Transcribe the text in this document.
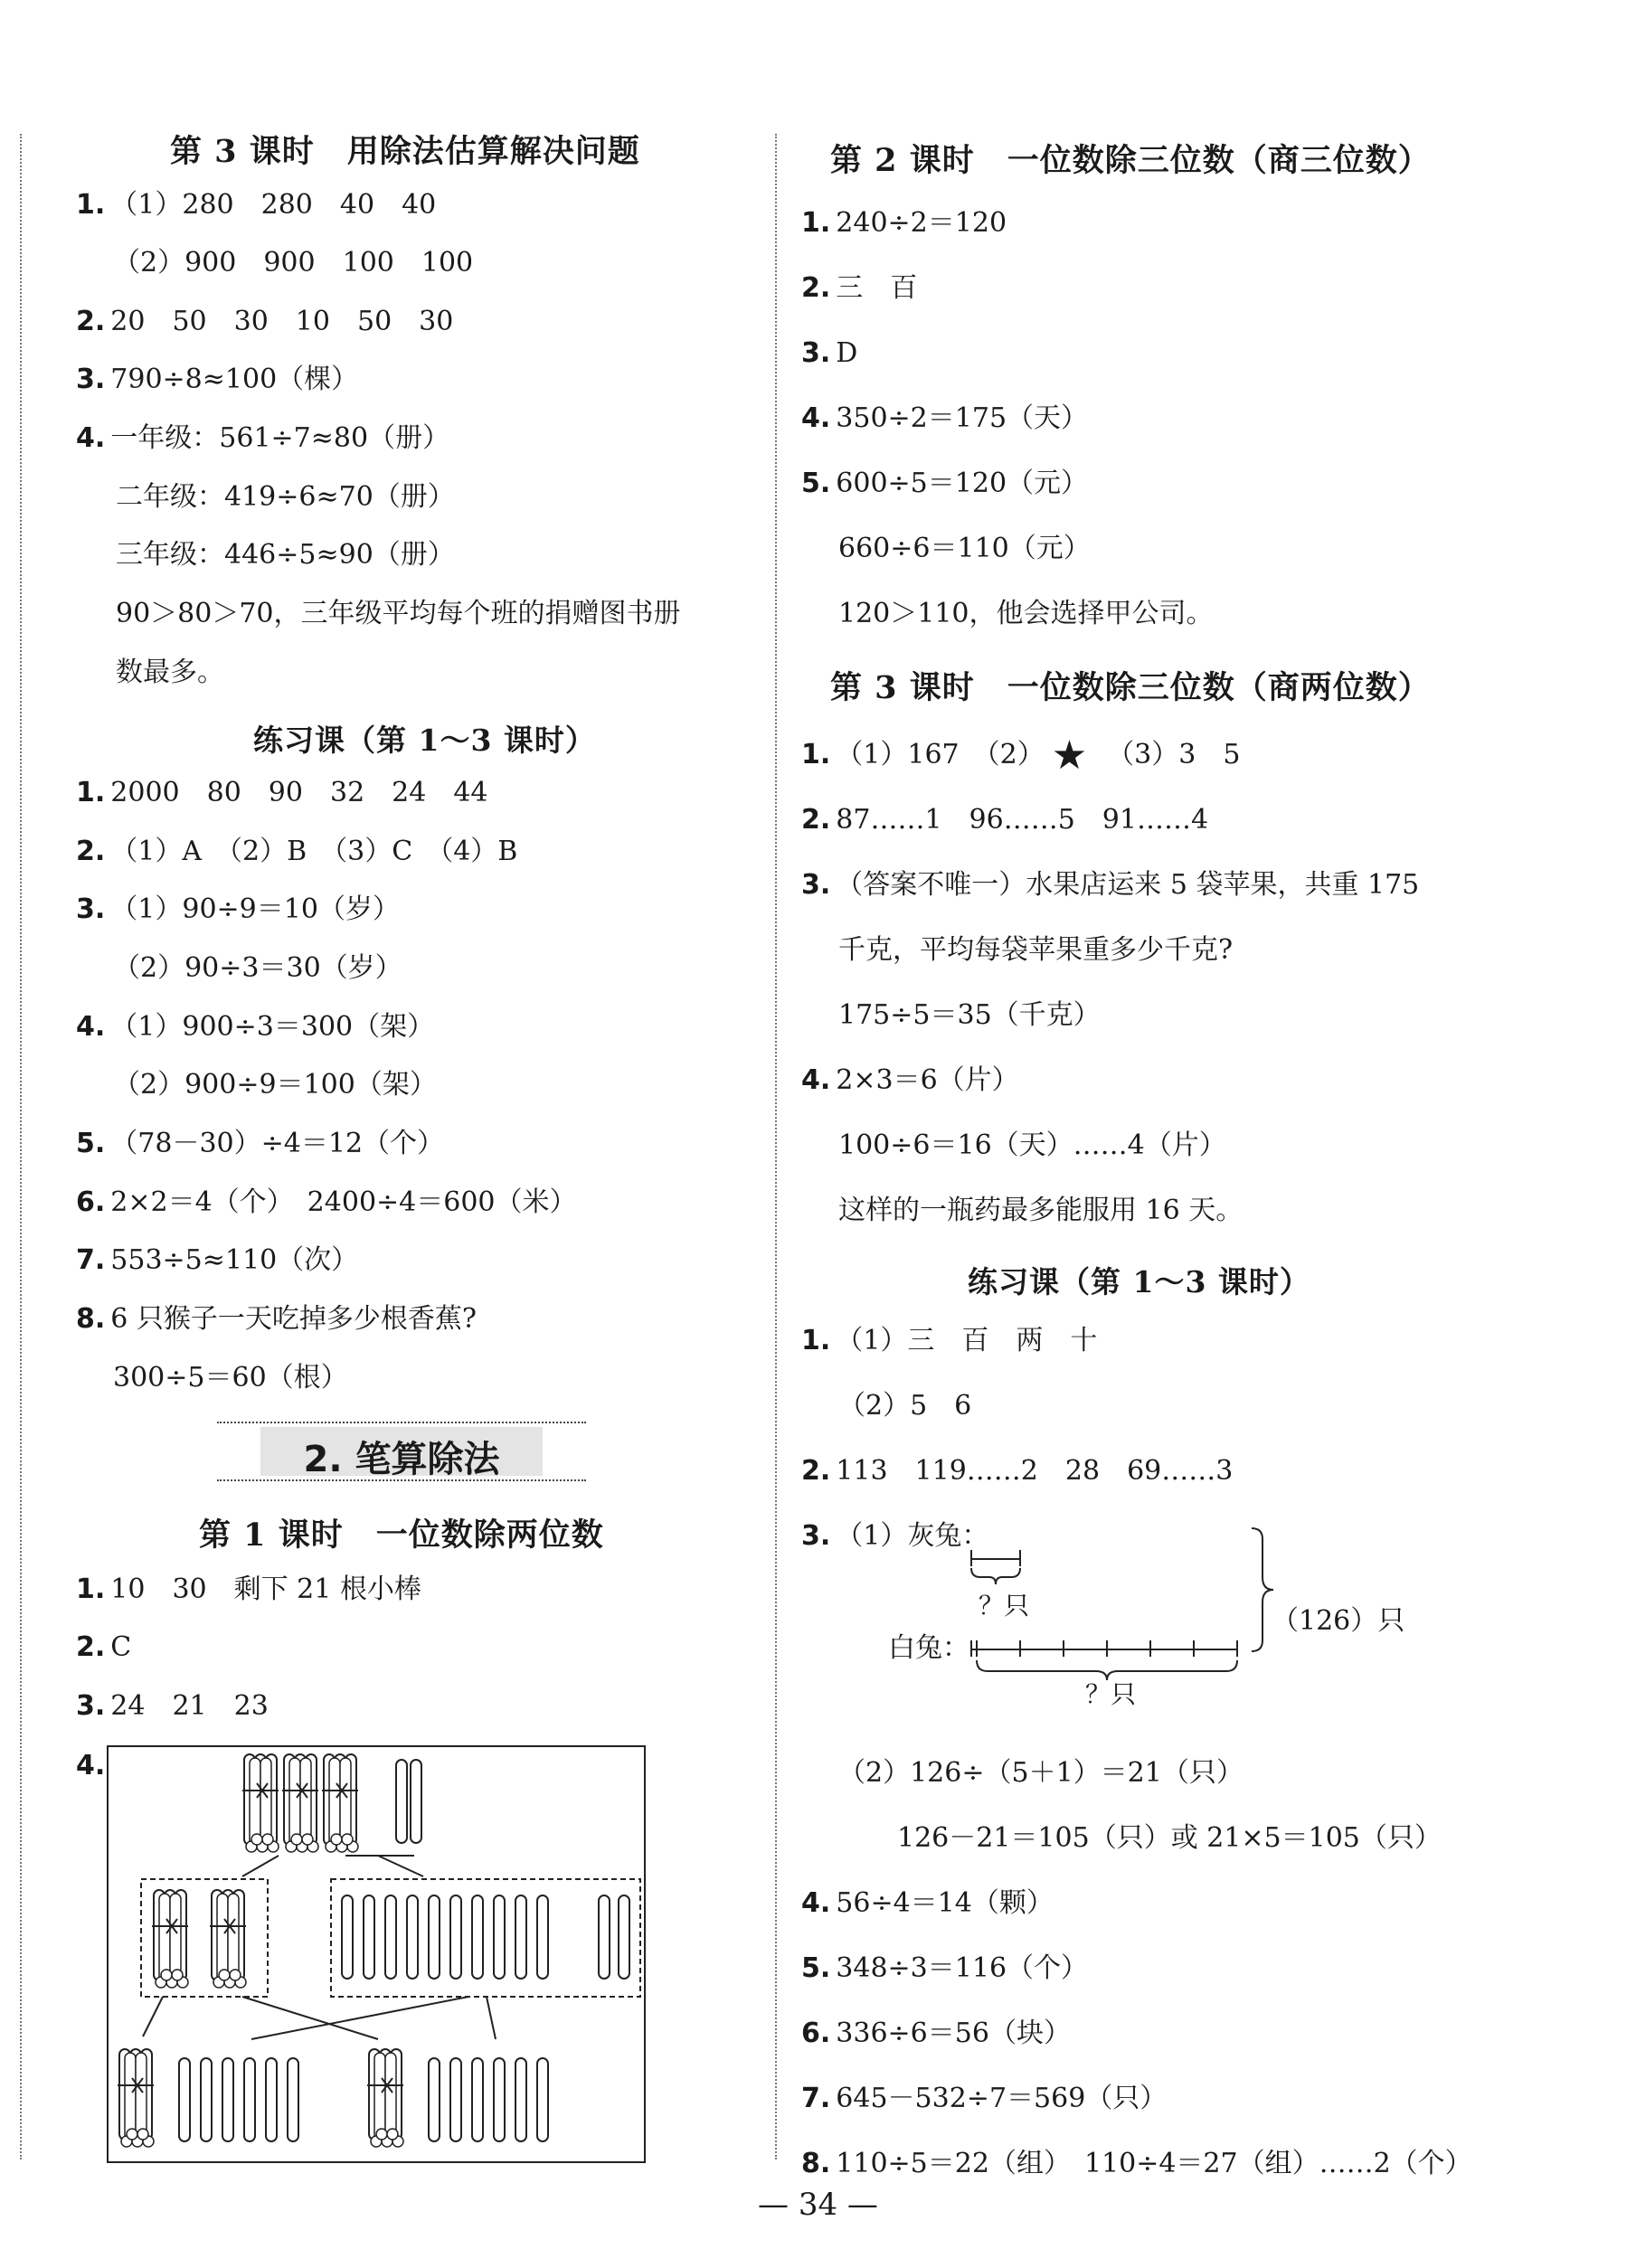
第 3 课时　用除法估算解决问题
1. （1）280　280　40　40
（2）900　900　100　100
2. 20　50　30　10　50　30
3. 790÷8≈100（棵）
4. 一年级：561÷7≈80（册）
二年级：419÷6≈70（册）
三年级：446÷5≈90（册）
90＞80＞70，三年级平均每个班的捐赠图书册
数最多。
练习课（第 1～3 课时）
1. 2000　80　90　32　24　44
2. （1）A　（2）B　（3）C　（4）B
3. （1）90÷9＝10（岁）
（2）90÷3＝30（岁）
4. （1）900÷3＝300（架）
（2）900÷9＝100（架）
5. （78－30）÷4＝12（个）
6. 2×2＝4（个）　2400÷4＝600（米）
7. 553÷5≈110（次）
8. 6 只猴子一天吃掉多少根香蕉?
300÷5＝60（根）
2. 笔算除法
第 1 课时　一位数除两位数
1. 10　30　剩下 21 根小棒
2. C
3. 24　21　23
4.
第 2 课时　一位数除三位数（商三位数）
1. 240÷2＝120
2. 三　百
3. D
4. 350÷2＝175（天）
5. 600÷5＝120（元）
660÷6＝110（元）
120＞110，他会选择甲公司。
第 3 课时　一位数除三位数（商两位数）
1. （1）167　（2） ★ （3）3　5
2. 87……1　96……5　91……4
3. （答案不唯一）水果店运来 5 袋苹果，共重 175
千克，平均每袋苹果重多少千克?
175÷5＝35（千克）
4. 2×3＝6（片）
100÷6＝16（天）……4（片）
这样的一瓶药最多能服用 16 天。
练习课（第 1～3 课时）
1. （1）三　百　两　十
（2）5　6
2. 113　119……2　28　69……3
3. （1）灰兔：
？只
白兔：
？只
（126）只
（2）126÷（5＋1）＝21（只）
126－21＝105（只）或 21×5＝105（只）
4. 56÷4＝14（颗）
5. 348÷3＝116（个）
6. 336÷6＝56（块）
7. 645－532÷7＝569（只）
8. 110÷5＝22（组）　110÷4＝27（组）……2（个）
— 34 —
